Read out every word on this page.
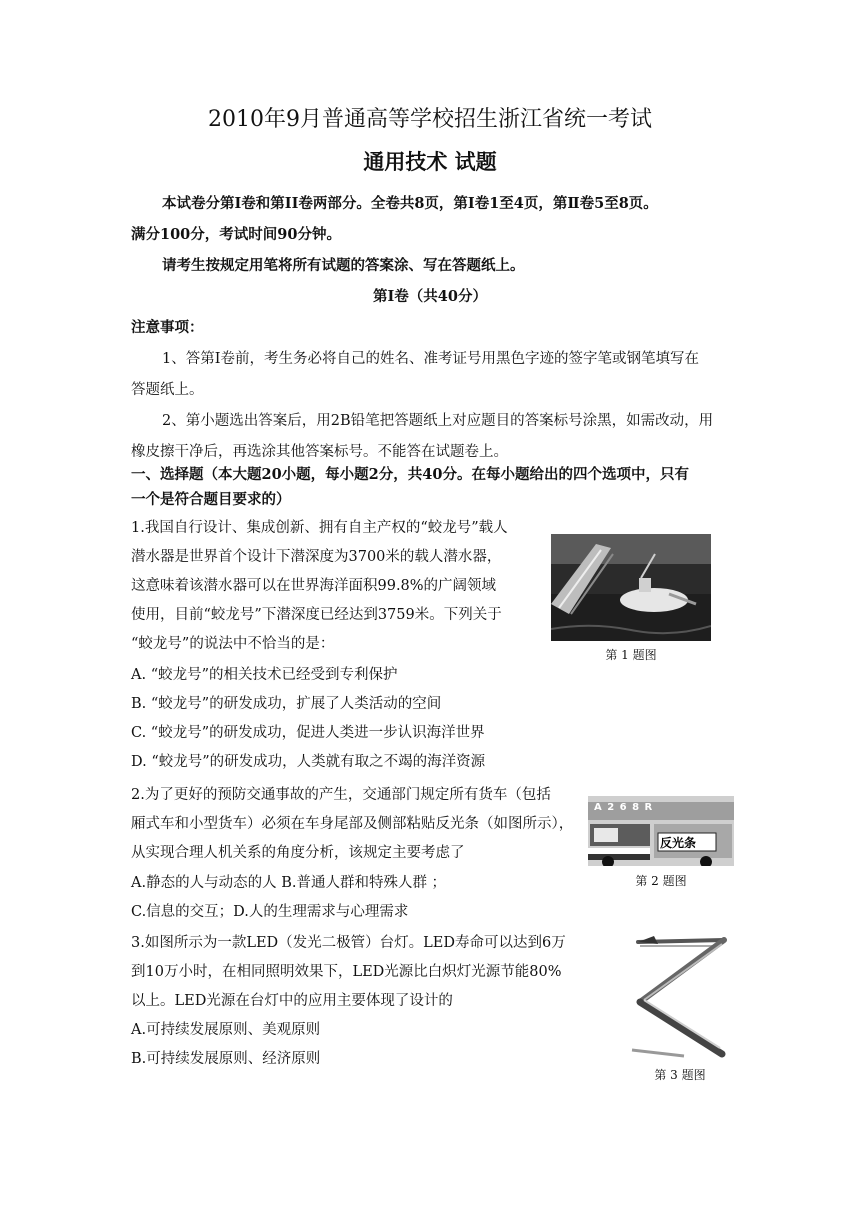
2010年9月普通高等学校招生浙江省统一考试
通用技术 试题
本试卷分第I卷和第II卷两部分。全卷共8页，第Ⅰ卷1至4页，第Ⅱ卷5至8页。
满分100分，考试时间90分钟。
请考生按规定用笔将所有试题的答案涂、写在答题纸上。
第Ⅰ卷（共40分）
注意事项：
1、答第Ⅰ卷前，考生务必将自己的姓名、准考证号用黑色字迹的签字笔或钢笔填写在
答题纸上。
2、第小题选出答案后，用2B铅笔把答题纸上对应题目的答案标号涂黑，如需改动，用
橡皮擦干净后，再选涂其他答案标号。不能答在试题卷上。
一、选择题（本大题20小题，每小题2分，共40分。在每小题给出的四个选项中，只有
一个是符合题目要求的）
1.我国自行设计、集成创新、拥有自主产权的“蛟龙号”载人
潜水器是世界首个设计下潜深度为3700米的载人潜水器，
这意味着该潜水器可以在世界海洋面积99.8%的广阔领域
使用，目前“蛟龙号”下潜深度已经达到3759米。下列关于
“蛟龙号”的说法中不恰当的是：
A. “蛟龙号”的相关技术已经受到专利保护
B. “蛟龙号”的研发成功，扩展了人类活动的空间
C. “蛟龙号”的研发成功，促进人类进一步认识海洋世界
D. “蛟龙号”的研发成功，人类就有取之不竭的海洋资源
第 1 题图
2.为了更好的预防交通事故的产生，交通部门规定所有货车（包括
厢式车和小型货车）必须在车身尾部及侧部粘贴反光条（如图所示），
从实现合理人机关系的角度分析，该规定主要考虑了
A.静态的人与动态的人 B.普通人群和特殊人群 ；
C.信息的交互；D.人的生理需求与心理需求
A 2 6 8 R
反光条
第 2 题图
3.如图所示为一款LED（发光二极管）台灯。LED寿命可以达到6万
到10万小时，在相同照明效果下，LED光源比白炽灯光源节能80%
以上。LED光源在台灯中的应用主要体现了设计的
A.可持续发展原则、美观原则
B.可持续发展原则、经济原则
第 3 题图
